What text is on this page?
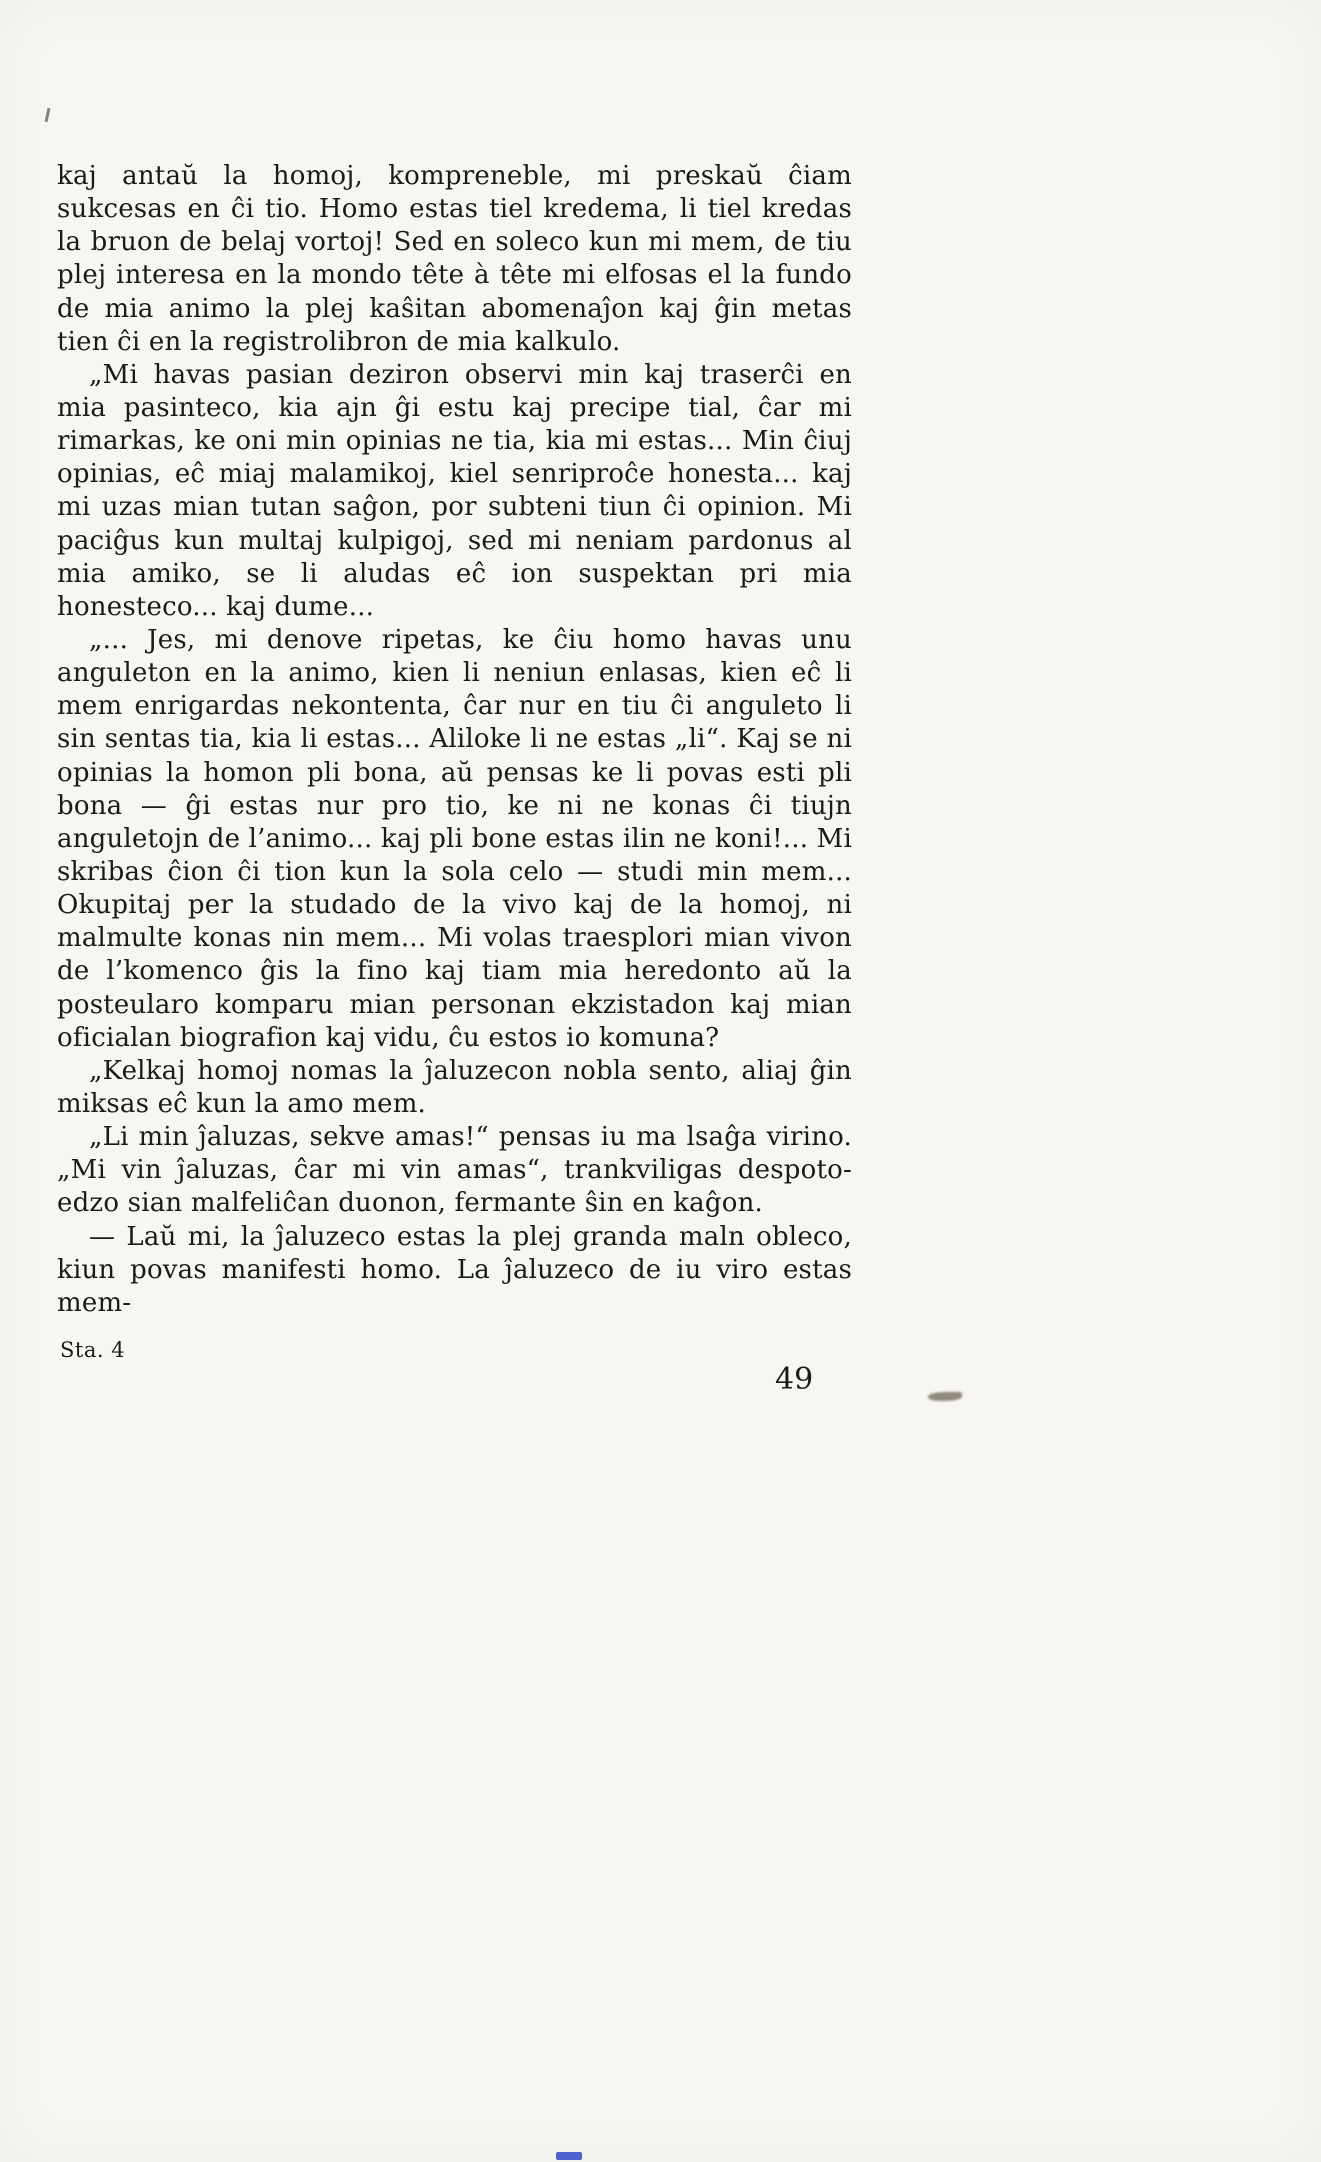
kaj antaŭ la homoj, kompreneble, mi preskaŭ ĉiam sukcesas en ĉi tio. Homo estas tiel kredema, li tiel kredas la bruon de belaj vortoj! Sed en soleco kun mi mem, de tiu plej interesa en la mondo tête à tête mi elfosas el la fundo de mia animo la plej kaŝitan abomenaĵon kaj ĝin metas tien ĉi en la registrolibron de mia kalkulo.

„Mi havas pasian deziron observi min kaj traserĉi en mia pasinteco, kia ajn ĝi estu kaj precipe tial, ĉar mi rimarkas, ke oni min opinias ne tia, kia mi estas... Min ĉiuj opinias, eĉ miaj malamikoj, kiel senriproĉe honesta... kaj mi uzas mian tutan saĝon, por subteni tiun ĉi opinion. Mi paciĝus kun multaj kulpigoj, sed mi neniam pardonus al mia amiko, se li aludas eĉ ion suspektan pri mia honesteco... kaj dume...

„... Jes, mi denove ripetas, ke ĉiu homo havas unu anguleton en la animo, kien li neniun enlasas, kien eĉ li mem enrigardas nekontenta, ĉar nur en tiu ĉi anguleto li sin sentas tia, kia li estas... Aliloke li ne estas „li“. Kaj se ni opinias la homon pli bona, aŭ pensas ke li povas esti pli bona — ĝi estas nur pro tio, ke ni ne konas ĉi tiujn anguletojn de l’animo... kaj pli bone estas ilin ne koni!... Mi skribas ĉion ĉi tion kun la sola celo — studi min mem... Okupitaj per la studado de la vivo kaj de la homoj, ni malmulte konas nin mem... Mi volas traesplori mian vivon de l’komenco ĝis la fino kaj tiam mia heredonto aŭ la posteularo komparu mian personan ekzistadon kaj mian oficialan biografion kaj vidu, ĉu estos io komuna?

„Kelkaj homoj nomas la ĵaluzecon nobla sento, aliaj ĝin miksas eĉ kun la amo mem.

„Li min ĵaluzas, sekve amas!“ pensas iu ma lsaĝa virino. „Mi vin ĵaluzas, ĉar mi vin amas“, trankviligas despoto-edzo sian malfeliĉan duonon, fermante ŝin en kaĝon.

— Laŭ mi, la ĵaluzeco estas la plej granda maln obleco, kiun povas manifesti homo. La ĵaluzeco de iu viro estas mem-

Sta. 4
49
